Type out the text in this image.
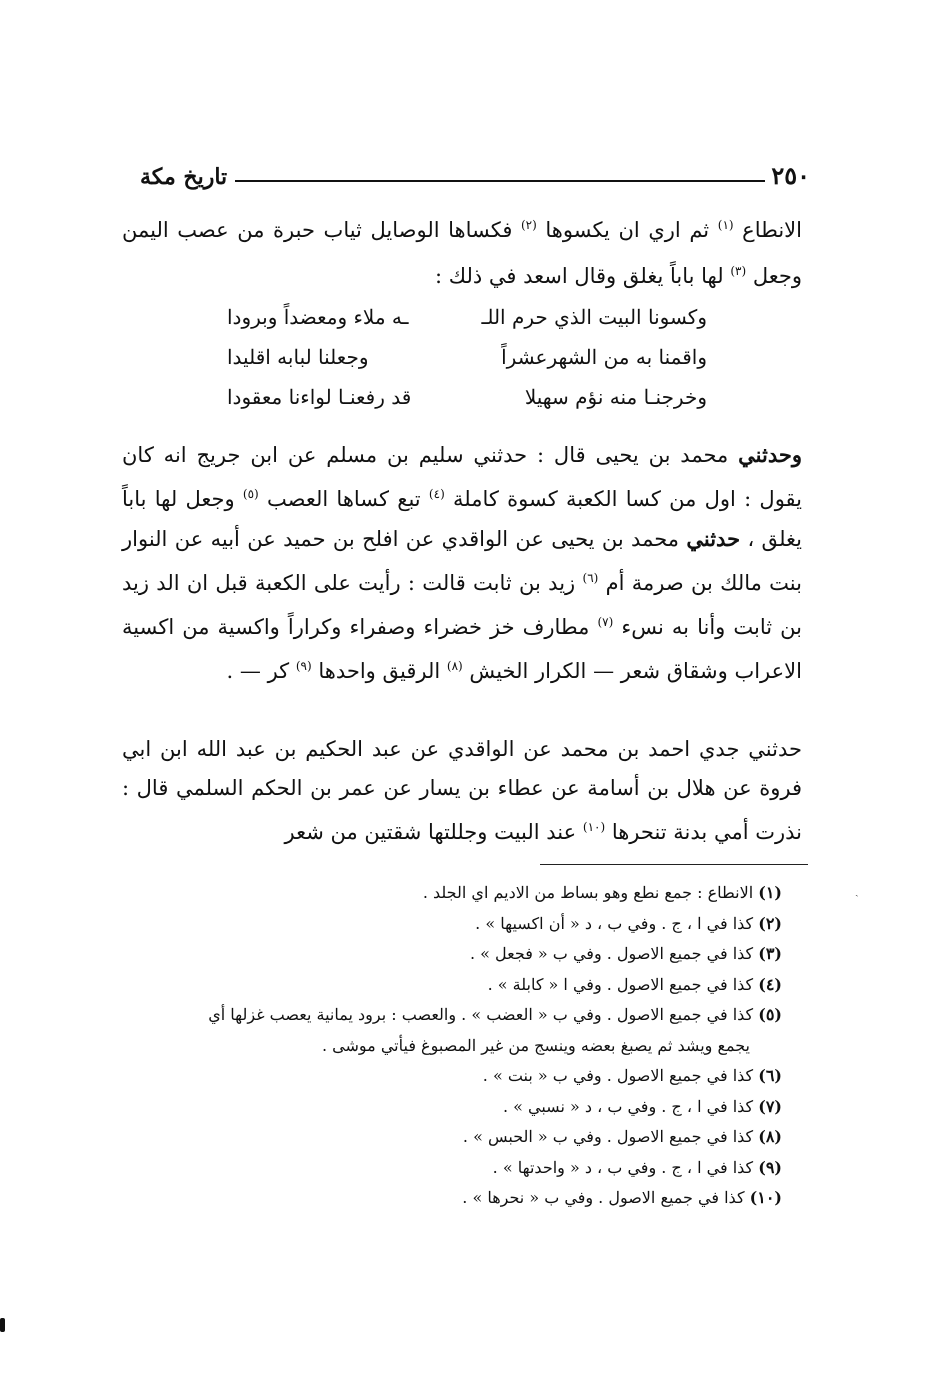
٢٥٠
تاريخ مكة
الانطاع $^{(١)}$ ثم اري ان يكسوها $^{(٢)}$ فكساها الوصايل ثياب حبرة من عصب اليمن وجعل $^{(٣)}$ لها باباً يغلق وقال اسعد في ذلك :
وكسونا البيت الذي حرم اللـ
ـه ملاء ومعضداً وبرودا
واقمنا به من الشهرعشراً
وجعلنا لبابه اقليدا
وخرجنـا منه نؤم سهيلا
قد رفعنـا لواءنا معقودا
وحدثني محمد بن يحيى قال : حدثني سليم بن مسلم عن ابن جريج انه كان يقول : اول من كسا الكعبة كسوة كاملة $^{(٤)}$ تبع كساها العصب $^{(٥)}$ وجعل لها باباً يغلق ، حدثني محمد بن يحيى عن الواقدي عن افلح بن حميد عن أبيه عن النوار بنت مالك بن صرمة أم $^{(٦)}$ زيد بن ثابت قالت : رأيت على الكعبة قبل ان الد زيد بن ثابت وأنا به نسء $^{(٧)}$ مطارف خز خضراء وصفراء وكراراً واكسية من اكسية الاعراب وشقاق شعر — الكرار الخيش $^{(٨)}$ الرقيق واحدها $^{(٩)}$ كر — .
حدثني جدي احمد بن محمد عن الواقدي عن عبد الحكيم بن عبد الله ابن ابي فروة عن هلال بن أسامة عن عطاء بن يسار عن عمر بن الحكم السلمي قال : نذرت أمي بدنة تنحرها $^{(١٠)}$ عند البيت وجللتها شقتين من شعر
(١) الانطاع : جمع نطع وهو بساط من الاديم اي الجلد .
(٢) كذا في ا ، ج . وفي ب ، د « أن اكسيها » .
(٣) كذا في جميع الاصول . وفي ب « فجعل » .
(٤) كذا في جميع الاصول . وفي ا « كابلة » .
(٥) كذا في جميع الاصول . وفي ب « العضب » . والعصب : برود يمانية يعصب غزلها أي
يجمع ويشد ثم يصبغ بعضه وينسج من غير المصبوغ فيأتي موشى .
(٦) كذا في جميع الاصول . وفي ب « بنت » .
(٧) كذا في ا ، ج . وفي ب ، د « نسبي » .
(٨) كذا في جميع الاصول . وفي ب « الحبس » .
(٩) كذا في ا ، ج . وفي ب ، د « واحدتها » .
(١٠) كذا في جميع الاصول . وفي ب « نحرها » .
ˎ
